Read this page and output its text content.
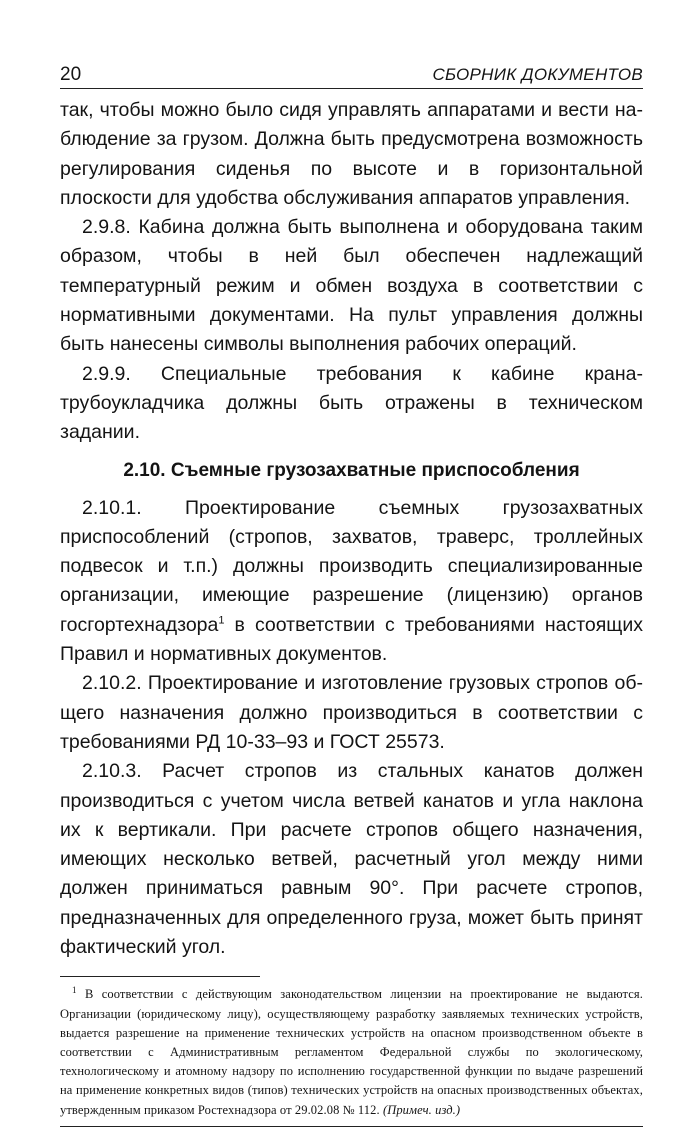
20	СБОРНИК ДОКУМЕНТОВ

так, чтобы можно было сидя управлять аппаратами и вести наблюдение за грузом. Должна быть предусмотрена возможность регулирования сиденья по высоте и в горизонтальной плоскости для удобства обслуживания аппаратов управления.

2.9.8. Кабина должна быть выполнена и оборудована таким образом, чтобы в ней был обеспечен надлежащий температурный режим и обмен воздуха в соответствии с нормативными документами. На пульт управления должны быть нанесены символы выполнения рабочих операций.

2.9.9. Специальные требования к кабине крана-трубоукладчика должны быть отражены в техническом задании.

2.10. Съемные грузозахватные приспособления

2.10.1. Проектирование съемных грузозахватных приспособлений (стропов, захватов, траверс, троллейных подвесок и т.п.) должны производить специализированные организации, имеющие разрешение (лицензию) органов госгортехнадзора$^1$ в соответствии с требованиями настоящих Правил и нормативных документов.

2.10.2. Проектирование и изготовление грузовых стропов общего назначения должно производиться в соответствии с требованиями РД 10-33–93 и ГОСТ 25573.

2.10.3. Расчет стропов из стальных канатов должен производиться с учетом числа ветвей канатов и угла наклона их к вертикали. При расчете стропов общего назначения, имеющих несколько ветвей, расчетный угол между ними должен приниматься равным 90°. При расчете стропов, предназначенных для определенного груза, может быть принят фактический угол.

$^1$ В соответствии с действующим законодательством лицензии на проектирование не выдаются. Организации (юридическому лицу), осуществляющему разработку заявляемых технических устройств, выдается разрешение на применение технических устройств на опасном производственном объекте в соответствии с Административным регламентом Федеральной службы по экологическому, технологическому и атомному надзору по исполнению государственной функции по выдаче разрешений на применение конкретных видов (типов) технических устройств на опасных производственных объектах, утвержденным приказом Ростехнадзора от 29.02.08 № 112. (Примеч. изд.)
